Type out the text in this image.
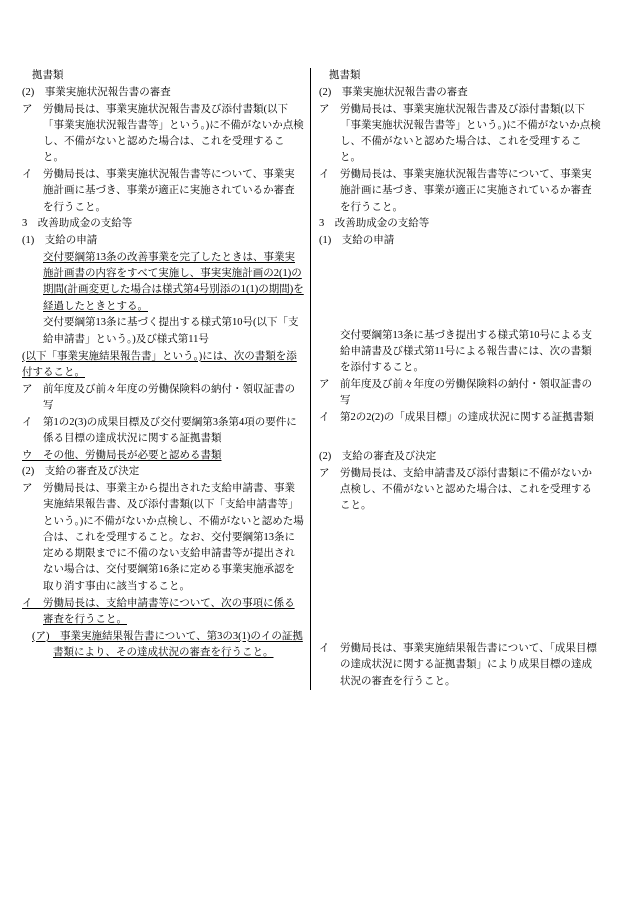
拠書類

(2)　事業実施状況報告書の審査

ア　労働局長は、事業実施状況報告書及び添付書類(以下「事業実施状況報告書等」という。)に不備がないか点検し、不備がないと認めた場合は、これを受理すること。

イ　労働局長は、事業実施状況報告書等について、事業実施計画に基づき、事業が適正に実施されているか審査を行うこと。

3　改善助成金の支給等

(1)　支給の申請

交付要綱第13条の改善事業を完了したときは、事業実施計画書の内容をすべて実施し、事実実施計画の2(1)の期間(計画変更した場合は様式第4号別添の1(1)の期間)を経過したときとする。

交付要綱第13条に基づく提出する様式第10号(以下「支給申請書」という。)及び様式第11号

(以下「事業実施結果報告書」という。)には、次の書類を添付すること。

ア　前年度及び前々年度の労働保険料の納付・領収証書の写

イ　第1の2(3)の成果目標及び交付要綱第3条第4項の要件に係る目標の達成状況に関する証拠書類

ウ　その他、労働局長が必要と認める書類

(2)　支給の審査及び決定

ア　労働局長は、事業主から提出された支給申請書、事業実施結果報告書、及び添付書類(以下「支給申請書等」という。)に不備がないか点検し、不備がないと認めた場合は、これを受理すること。なお、交付要綱第13条に定める期限までに不備のない支給申請書等が提出されない場合は、交付要綱第16条に定める事業実施承認を取り消す事由に該当すること。

イ　労働局長は、支給申請書等について、次の事項に係る審査を行うこと。

(ア)　事業実施結果報告書について、第3の3(1)のイの証拠書類により、その達成状況の審査を行うこと。

拠書類

(2)　事業実施状況報告書の審査

ア　労働局長は、事業実施状況報告書及び添付書類(以下「事業実施状況報告書等」という。)に不備がないか点検し、不備がないと認めた場合は、これを受理すること。

イ　労働局長は、事業実施状況報告書等について、事業実施計画に基づき、事業が適正に実施されているか審査を行うこと。

3　改善助成金の支給等

(1)　支給の申請

交付要綱第13条に基づき提出する様式第10号による支給申請書及び様式第11号による報告書には、次の書類を添付すること。

ア　前年度及び前々年度の労働保険料の納付・領収証書の写

イ　第2の2(2)の「成果目標」の達成状況に関する証拠書類

(2)　支給の審査及び決定

ア　労働局長は、支給申請書及び添付書類に不備がないか点検し、不備がないと認めた場合は、これを受理すること。

イ　労働局長は、事業実施結果報告書について、「成果目標の達成状況に関する証拠書類」により成果目標の達成状況の審査を行うこと。
